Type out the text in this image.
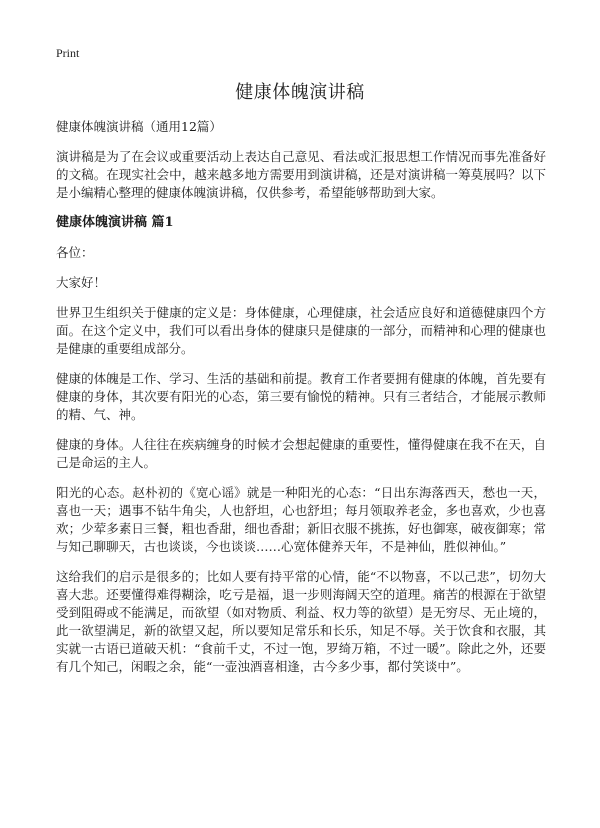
Print
健康体魄演讲稿
健康体魄演讲稿（通用12篇）

演讲稿是为了在会议或重要活动上表达自己意见、看法或汇报思想工作情况而事先准备好的文稿。在现实社会中，越来越多地方需要用到演讲稿，还是对演讲稿一筹莫展吗？以下是小编精心整理的健康体魄演讲稿，仅供参考，希望能够帮助到大家。

健康体魄演讲稿 篇1

各位：

大家好！

世界卫生组织关于健康的定义是：身体健康，心理健康，社会适应良好和道德健康四个方面。在这个定义中，我们可以看出身体的健康只是健康的一部分，而精神和心理的健康也是健康的重要组成部分。

健康的体魄是工作、学习、生活的基础和前提。教育工作者要拥有健康的体魄，首先要有健康的身体，其次要有阳光的心态，第三要有愉悦的精神。只有三者结合，才能展示教师的精、气、神。

健康的身体。人往往在疾病缠身的时候才会想起健康的重要性，懂得健康在我不在天，自己是命运的主人。

阳光的心态。赵朴初的《宽心谣》就是一种阳光的心态：“日出东海落西天，愁也一天，喜也一天；遇事不钻牛角尖，人也舒坦，心也舒坦；每月领取养老金，多也喜欢，少也喜欢；少荤多素日三餐，粗也香甜，细也香甜；新旧衣服不挑拣，好也御寒，破夜御寒；常与知己聊聊天，古也谈谈，今也谈谈……心宽体健养天年，不是神仙，胜似神仙。”

这给我们的启示是很多的；比如人要有持平常的心情，能“不以物喜，不以己悲”，切勿大喜大悲。还要懂得难得糊涂，吃亏是福，退一步则海阔天空的道理。痛苦的根源在于欲望受到阻碍或不能满足，而欲望（如对物质、利益、权力等的欲望）是无穷尽、无止境的，此一欲望满足，新的欲望又起，所以要知足常乐和长乐，知足不辱。关于饮食和衣服，其实就一古语已道破天机：“食前千丈，不过一饱，罗绮万箱，不过一暖”。除此之外，还要有几个知己，闲暇之余，能“一壶浊酒喜相逢，古今多少事，都付笑谈中”。
